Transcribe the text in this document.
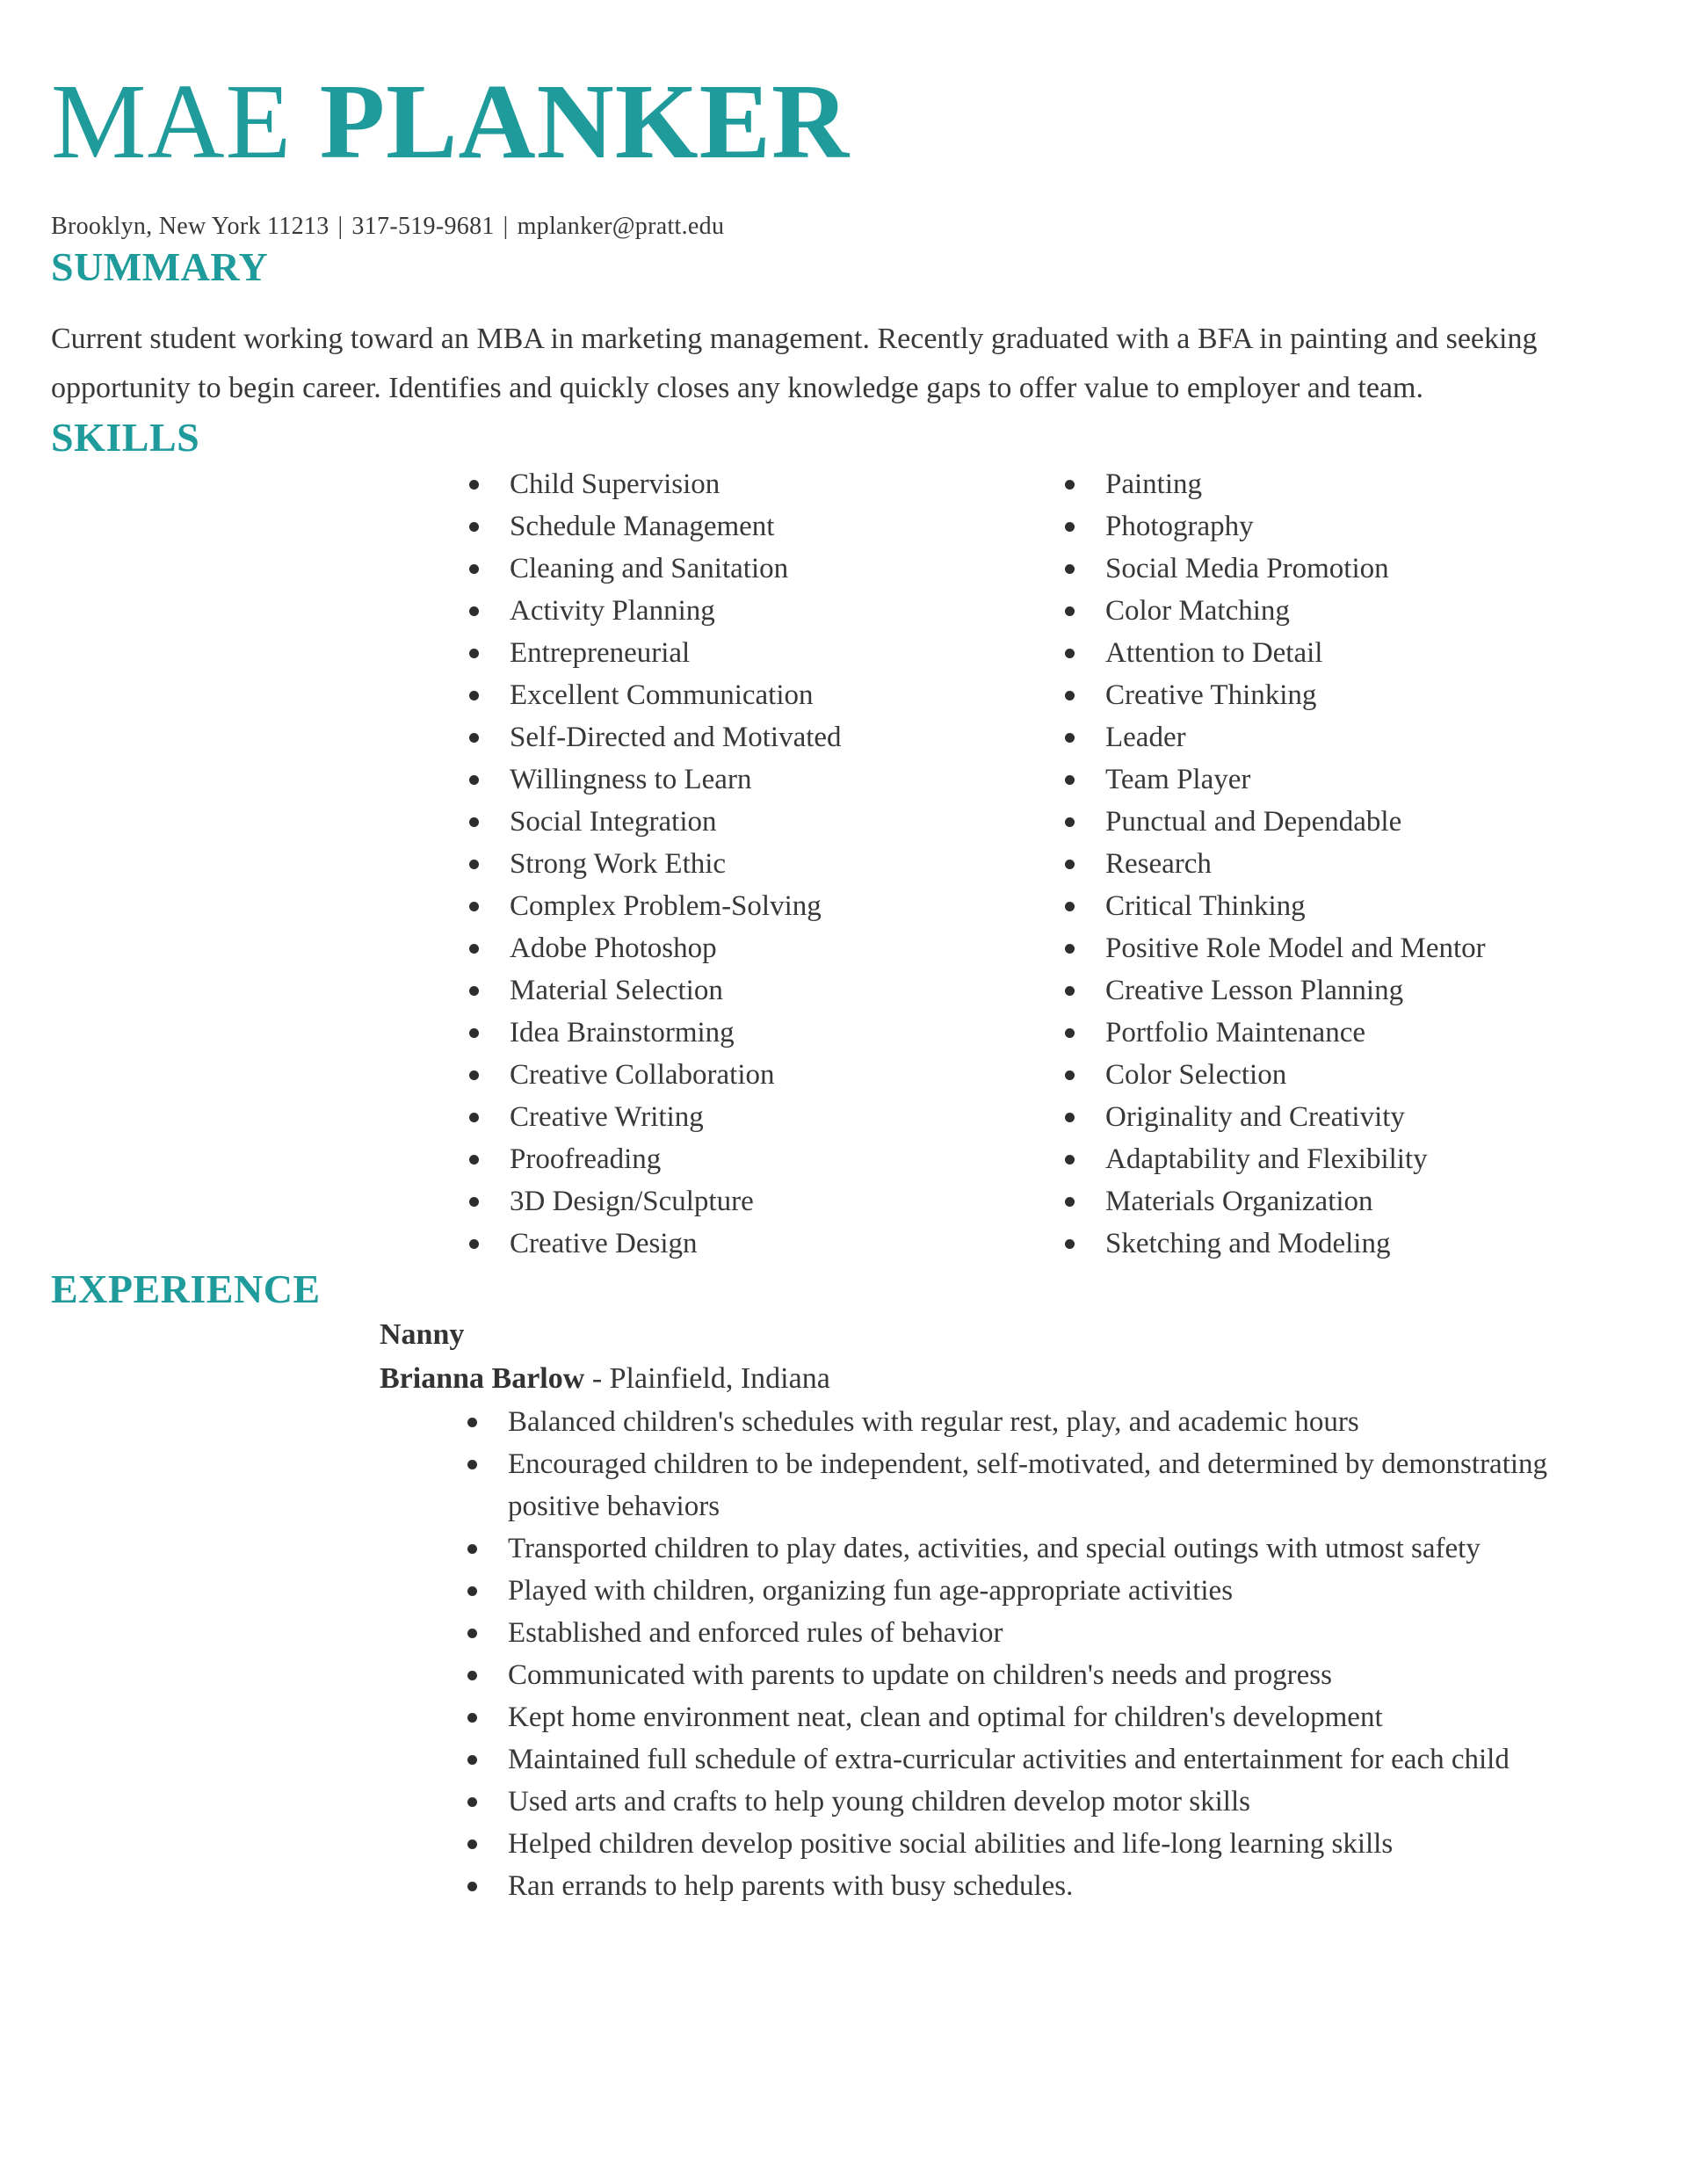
MAE PLANKER

Brooklyn, New York 11213 | 317-519-9681 | mplanker@pratt.edu

SUMMARY

Current student working toward an MBA in marketing management. Recently graduated with a BFA in painting and seeking opportunity to begin career. Identifies and quickly closes any knowledge gaps to offer value to employer and team.

SKILLS
Child Supervision
Schedule Management
Cleaning and Sanitation
Activity Planning
Entrepreneurial
Excellent Communication
Self-Directed and Motivated
Willingness to Learn
Social Integration
Strong Work Ethic
Complex Problem-Solving
Adobe Photoshop
Material Selection
Idea Brainstorming
Creative Collaboration
Creative Writing
Proofreading
3D Design/Sculpture
Creative Design
Painting
Photography
Social Media Promotion
Color Matching
Attention to Detail
Creative Thinking
Leader
Team Player
Punctual and Dependable
Research
Critical Thinking
Positive Role Model and Mentor
Creative Lesson Planning
Portfolio Maintenance
Color Selection
Originality and Creativity
Adaptability and Flexibility
Materials Organization
Sketching and Modeling
EXPERIENCE

Nanny

Brianna Barlow - Plainfield, Indiana

Balanced children's schedules with regular rest, play, and academic hours
Encouraged children to be independent, self-motivated, and determined by demonstrating positive behaviors
Transported children to play dates, activities, and special outings with utmost safety
Played with children, organizing fun age-appropriate activities
Established and enforced rules of behavior
Communicated with parents to update on children's needs and progress
Kept home environment neat, clean and optimal for children's development
Maintained full schedule of extra-curricular activities and entertainment for each child
Used arts and crafts to help young children develop motor skills
Helped children develop positive social abilities and life-long learning skills
Ran errands to help parents with busy schedules.
